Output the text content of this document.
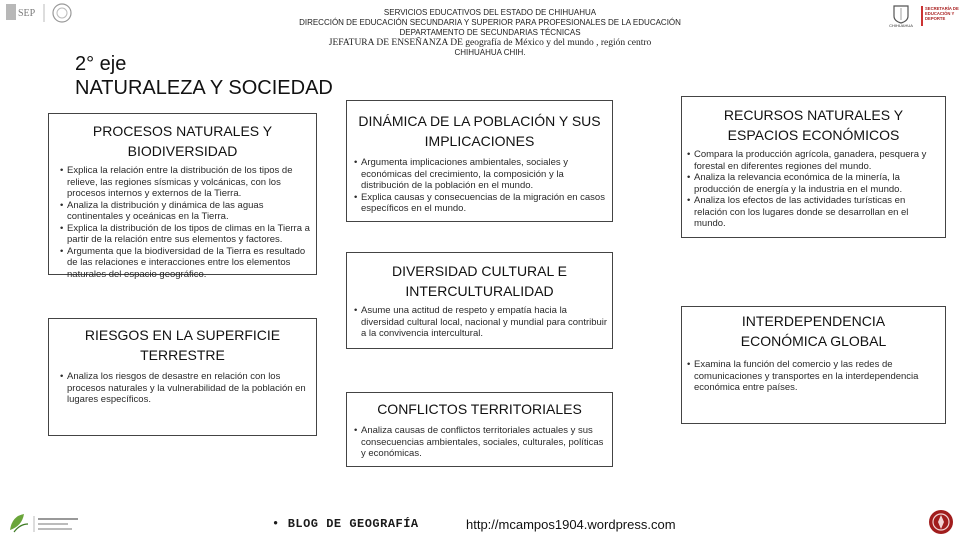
SEP	SERVICIOS EDUCATIVOS DEL ESTADO DE CHIHUAHUA
DIRECCIÓN DE EDUCACIÓN SECUNDARIA Y SUPERIOR PARA PROFESIONALES DE LA EDUCACIÓN
DEPARTAMENTO DE SECUNDARIAS TÉCNICAS
JEFATURA DE ENSEÑANZA DE geografía de México y del mundo , región centro
CHIHUAHUA CHIH.
CHIHUAHUA
SECRETARÍA DE EDUCACIÓN Y DEPORTE
2° eje
NATURALEZA Y SOCIEDAD
PROCESOS NATURALES Y BIODIVERSIDAD
• Explica la relación entre la distribución de los tipos de relieve, las regiones sísmicas y volcánicas, con los procesos internos y externos de la Tierra.
• Analiza la distribución y dinámica de las aguas continentales y oceánicas en la Tierra.
• Explica la distribución de los tipos de climas en la Tierra a partir de la relación entre sus elementos y factores.
• Argumenta que la biodiversidad de la Tierra es resultado de las relaciones e interacciones entre los elementos naturales del espacio geográfico.
RIESGOS EN LA SUPERFICIE TERRESTRE
• Analiza los riesgos de desastre en relación con los procesos naturales y la vulnerabilidad de la población en lugares específicos.
DINÁMICA DE LA POBLACIÓN Y SUS IMPLICACIONES
• Argumenta implicaciones ambientales, sociales y económicas del crecimiento, la composición y la distribución de la población en el mundo.
• Explica causas y consecuencias de la migración en casos específicos en el mundo.
DIVERSIDAD CULTURAL E INTERCULTURALIDAD
• Asume una actitud de respeto y empatía hacia la diversidad cultural local, nacional y mundial para contribuir a la convivencia intercultural.
CONFLICTOS TERRITORIALES
• Analiza causas de conflictos territoriales actuales y sus consecuencias ambientales, sociales, culturales, políticas y económicas.
RECURSOS NATURALES Y ESPACIOS ECONÓMICOS
• Compara la producción agrícola, ganadera, pesquera y forestal en diferentes regiones del mundo.
• Analiza la relevancia económica de la minería, la producción de energía y la industria en el mundo.
• Analiza los efectos de las actividades turísticas en relación con los lugares donde se desarrollan en el mundo.
INTERDEPENDENCIA ECONÓMICA GLOBAL
• Examina la función del comercio y las redes de comunicaciones y transportes en la interdependencia económica entre países.
• BLOG DE GEOGRAFÍA	http://mcampos1904.wordpress.com
